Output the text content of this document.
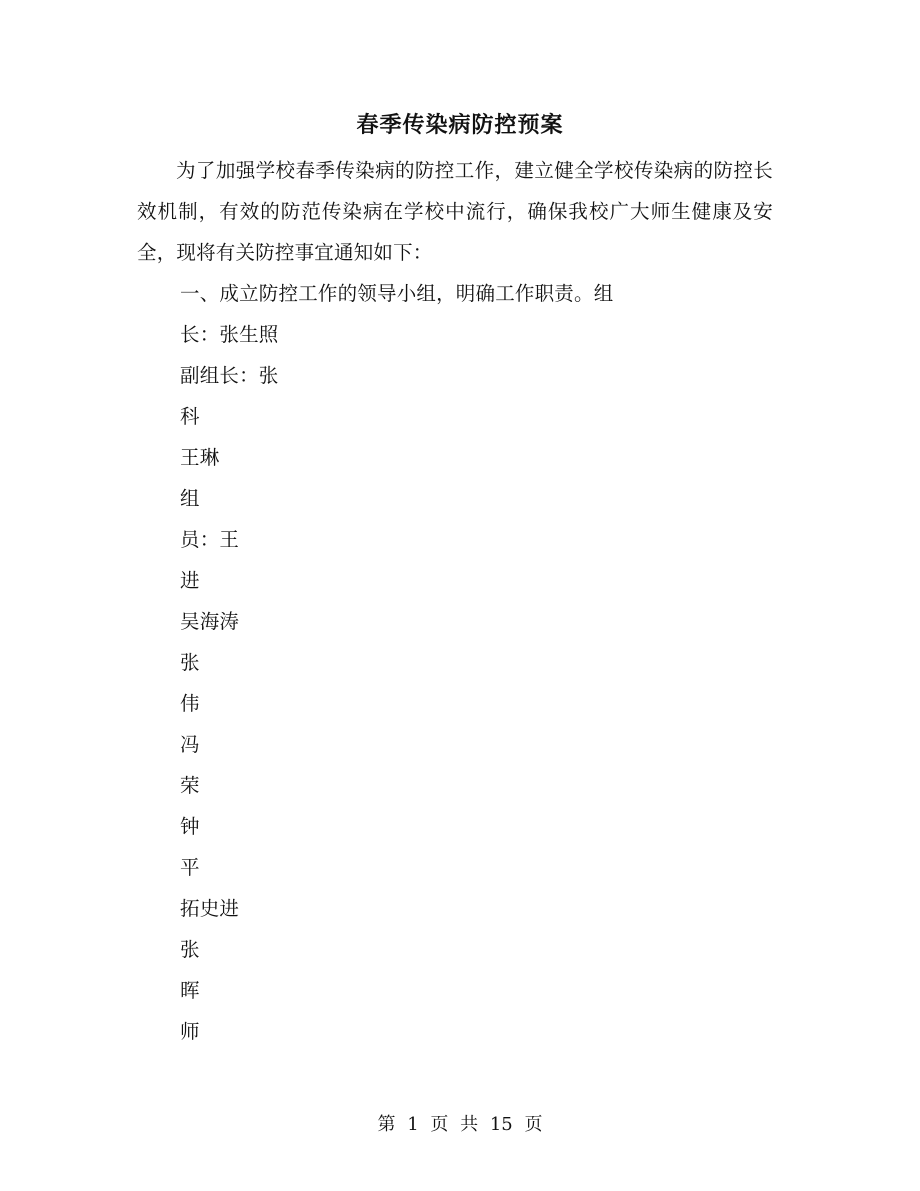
春季传染病防控预案

为了加强学校春季传染病的防控工作，建立健全学校传染病的防控长效机制，有效的防范传染病在学校中流行，确保我校广大师生健康及安全，现将有关防控事宜通知如下：

一、成立防控工作的领导小组，明确工作职责。组

长：张生照

副组长：张

科

王琳

组

员：王

进

吴海涛

张

伟

冯

荣

钟

平

拓史进

张

晖

师

第 1 页 共 15 页
